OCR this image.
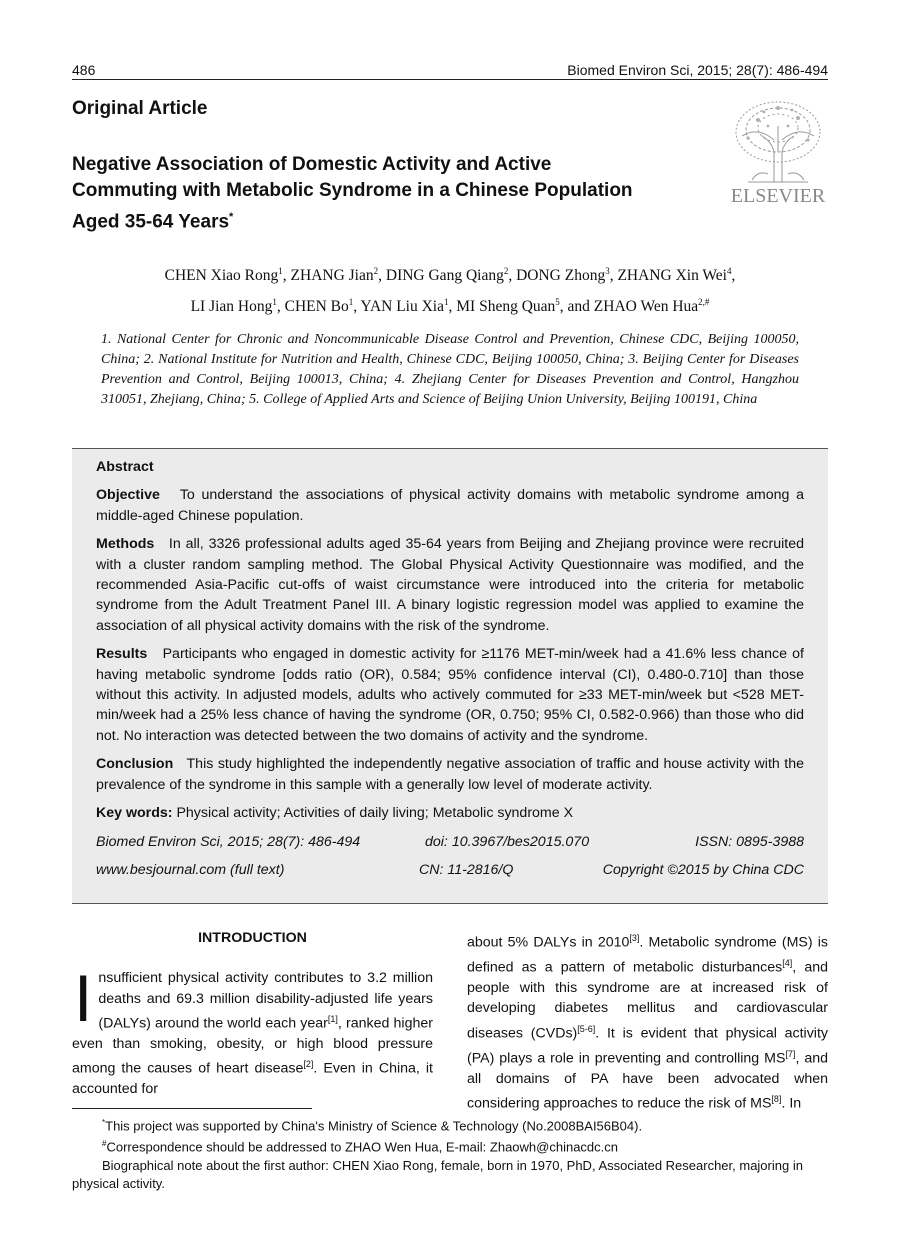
486	Biomed Environ Sci, 2015; 28(7): 486-494
Original Article
Negative Association of Domestic Activity and Active Commuting with Metabolic Syndrome in a Chinese Population Aged 35-64 Years*
ELSEVIER
CHEN Xiao Rong$^1$, ZHANG Jian$^2$, DING Gang Qiang$^2$, DONG Zhong$^3$, ZHANG Xin Wei$^4$,
LI Jian Hong$^1$, CHEN Bo$^1$, YAN Liu Xia$^1$, MI Sheng Quan$^5$, and ZHAO Wen Hua$^{2,\#}$
1. National Center for Chronic and Noncommunicable Disease Control and Prevention, Chinese CDC, Beijing 100050, China; 2. National Institute for Nutrition and Health, Chinese CDC, Beijing 100050, China; 3. Beijing Center for Diseases Prevention and Control, Beijing 100013, China; 4. Zhejiang Center for Diseases Prevention and Control, Hangzhou 310051, Zhejiang, China; 5. College of Applied Arts and Science of Beijing Union University, Beijing 100191, China

Abstract

Objective To understand the associations of physical activity domains with metabolic syndrome among a middle-aged Chinese population.

Methods In all, 3326 professional adults aged 35-64 years from Beijing and Zhejiang province were recruited with a cluster random sampling method. The Global Physical Activity Questionnaire was modified, and the recommended Asia-Pacific cut-offs of waist circumstance were introduced into the criteria for metabolic syndrome from the Adult Treatment Panel III. A binary logistic regression model was applied to examine the association of all physical activity domains with the risk of the syndrome.

Results Participants who engaged in domestic activity for ≥1176 MET-min/week had a 41.6% less chance of having metabolic syndrome [odds ratio (OR), 0.584; 95% confidence interval (CI), 0.480-0.710] than those without this activity. In adjusted models, adults who actively commuted for ≥33 MET-min/week but <528 MET-min/week had a 25% less chance of having the syndrome (OR, 0.750; 95% CI, 0.582-0.966) than those who did not. No interaction was detected between the two domains of activity and the syndrome.

Conclusion This study highlighted the independently negative association of traffic and house activity with the prevalence of the syndrome in this sample with a generally low level of moderate activity.

Key words: Physical activity; Activities of daily living; Metabolic syndrome X

Biomed Environ Sci, 2015; 28(7): 486-494	doi: 10.3967/bes2015.070	ISSN: 0895-3988
www.besjournal.com (full text)	CN: 11-2816/Q	Copyright ©2015 by China CDC
INTRODUCTION
I nsufficient physical activity contributes to 3.2 million deaths and 69.3 million disability-adjusted life years (DALYs) around the world each year[1], ranked higher even than smoking, obesity, or high blood pressure among the causes of heart disease[2]. Even in China, it accounted for
about 5% DALYs in 2010[3]. Metabolic syndrome (MS) is defined as a pattern of metabolic disturbances[4], and people with this syndrome are at increased risk of developing diabetes mellitus and cardiovascular diseases (CVDs)[5-6]. It is evident that physical activity (PA) plays a role in preventing and controlling MS[7], and all domains of PA have been advocated when considering approaches to reduce the risk of MS[8]. In

*This project was supported by China's Ministry of Science & Technology (No.2008BAI56B04).

#Correspondence should be addressed to ZHAO Wen Hua, E-mail: Zhaowh@chinacdc.cn

Biographical note about the first author: CHEN Xiao Rong, female, born in 1970, PhD, Associated Researcher, majoring in physical activity.
